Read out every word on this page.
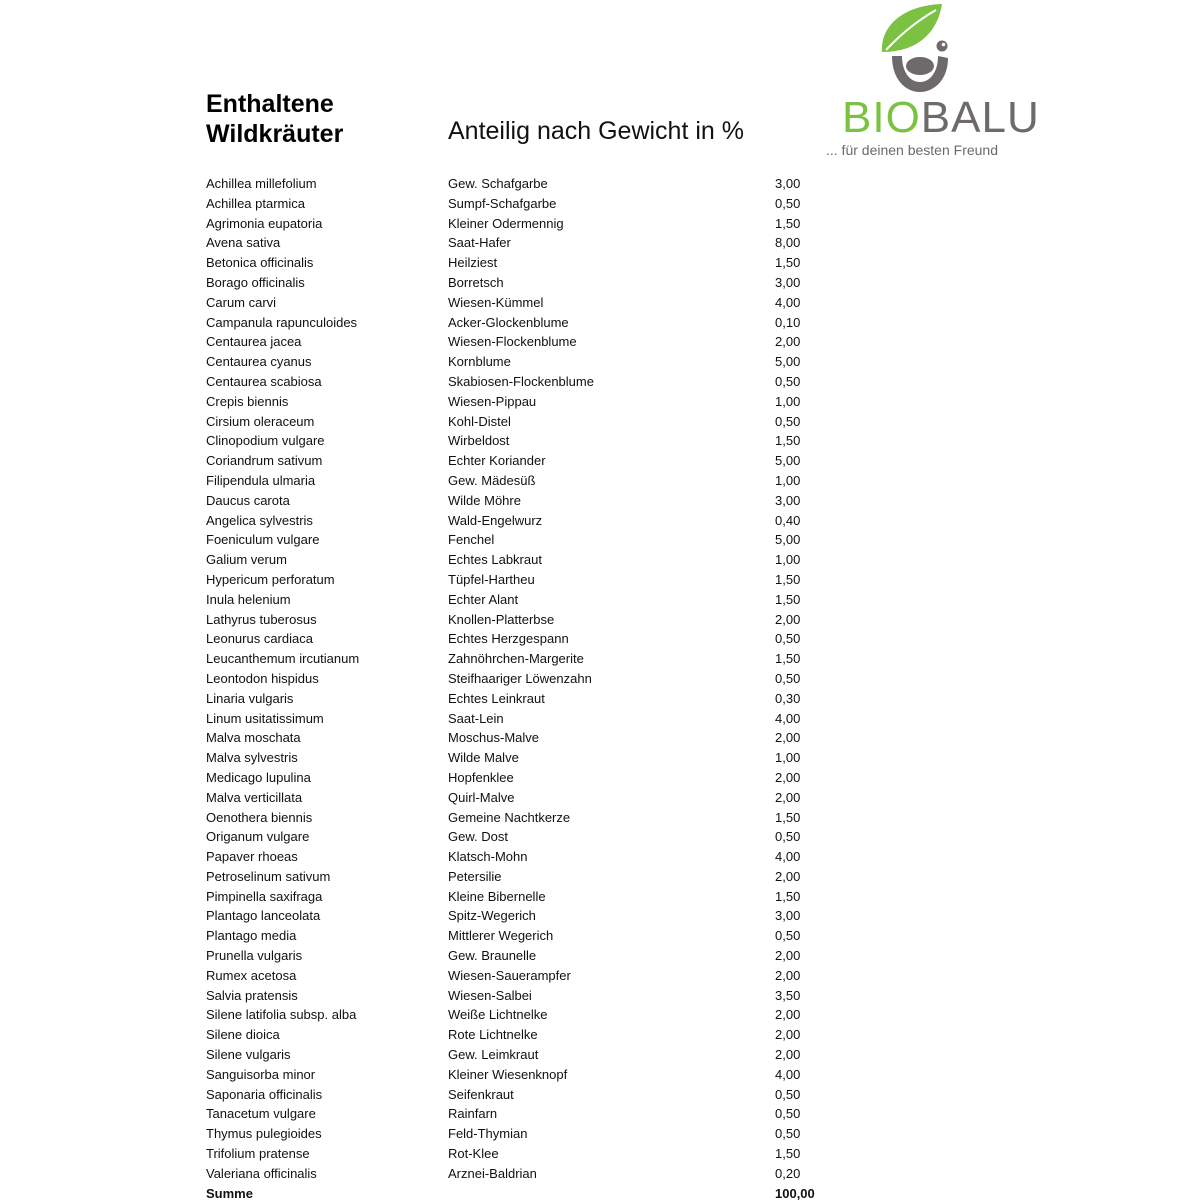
Enthaltene
Wildkräuter	Anteilig nach Gewicht in % BIOBALU
... für deinen besten Freund
Achillea millefolium	Gew. Schafgarbe	3,00
Achillea ptarmica	Sumpf-Schafgarbe	0,50
Agrimonia eupatoria	Kleiner Odermennig	1,50
Avena sativa	Saat-Hafer	8,00
Betonica officinalis	Heilziest	1,50
Borago officinalis	Borretsch	3,00
Carum carvi	Wiesen-Kümmel	4,00
Campanula rapunculoides	Acker-Glockenblume	0,10
Centaurea jacea	Wiesen-Flockenblume	2,00
Centaurea cyanus	Kornblume	5,00
Centaurea scabiosa	Skabiosen-Flockenblume	0,50
Crepis biennis	Wiesen-Pippau	1,00
Cirsium oleraceum	Kohl-Distel	0,50
Clinopodium vulgare	Wirbeldost	1,50
Coriandrum sativum	Echter Koriander	5,00
Filipendula ulmaria	Gew. Mädesüß	1,00
Daucus carota	Wilde Möhre	3,00
Angelica sylvestris	Wald-Engelwurz	0,40
Foeniculum vulgare	Fenchel	5,00
Galium verum	Echtes Labkraut	1,00
Hypericum perforatum	Tüpfel-Hartheu	1,50
Inula helenium	Echter Alant	1,50
Lathyrus tuberosus	Knollen-Platterbse	2,00
Leonurus cardiaca	Echtes Herzgespann	0,50
Leucanthemum ircutianum	Zahnöhrchen-Margerite	1,50
Leontodon hispidus	Steifhaariger Löwenzahn	0,50
Linaria vulgaris	Echtes Leinkraut	0,30
Linum usitatissimum	Saat-Lein	4,00
Malva moschata	Moschus-Malve	2,00
Malva sylvestris	Wilde Malve	1,00
Medicago lupulina	Hopfenklee	2,00
Malva verticillata	Quirl-Malve	2,00
Oenothera biennis	Gemeine Nachtkerze	1,50
Origanum vulgare	Gew. Dost	0,50
Papaver rhoeas	Klatsch-Mohn	4,00
Petroselinum sativum	Petersilie	2,00
Pimpinella saxifraga	Kleine Bibernelle	1,50
Plantago lanceolata	Spitz-Wegerich	3,00
Plantago media	Mittlerer Wegerich	0,50
Prunella vulgaris	Gew. Braunelle	2,00
Rumex acetosa	Wiesen-Sauerampfer	2,00
Salvia pratensis	Wiesen-Salbei	3,50
Silene latifolia subsp. alba	Weiße Lichtnelke	2,00
Silene dioica	Rote Lichtnelke	2,00
Silene vulgaris	Gew. Leimkraut	2,00
Sanguisorba minor	Kleiner Wiesenknopf	4,00
Saponaria officinalis	Seifenkraut	0,50
Tanacetum vulgare	Rainfarn	0,50
Thymus pulegioides	Feld-Thymian	0,50
Trifolium pratense	Rot-Klee	1,50
Valeriana officinalis	Arznei-Baldrian	0,20
Summe	100,00
